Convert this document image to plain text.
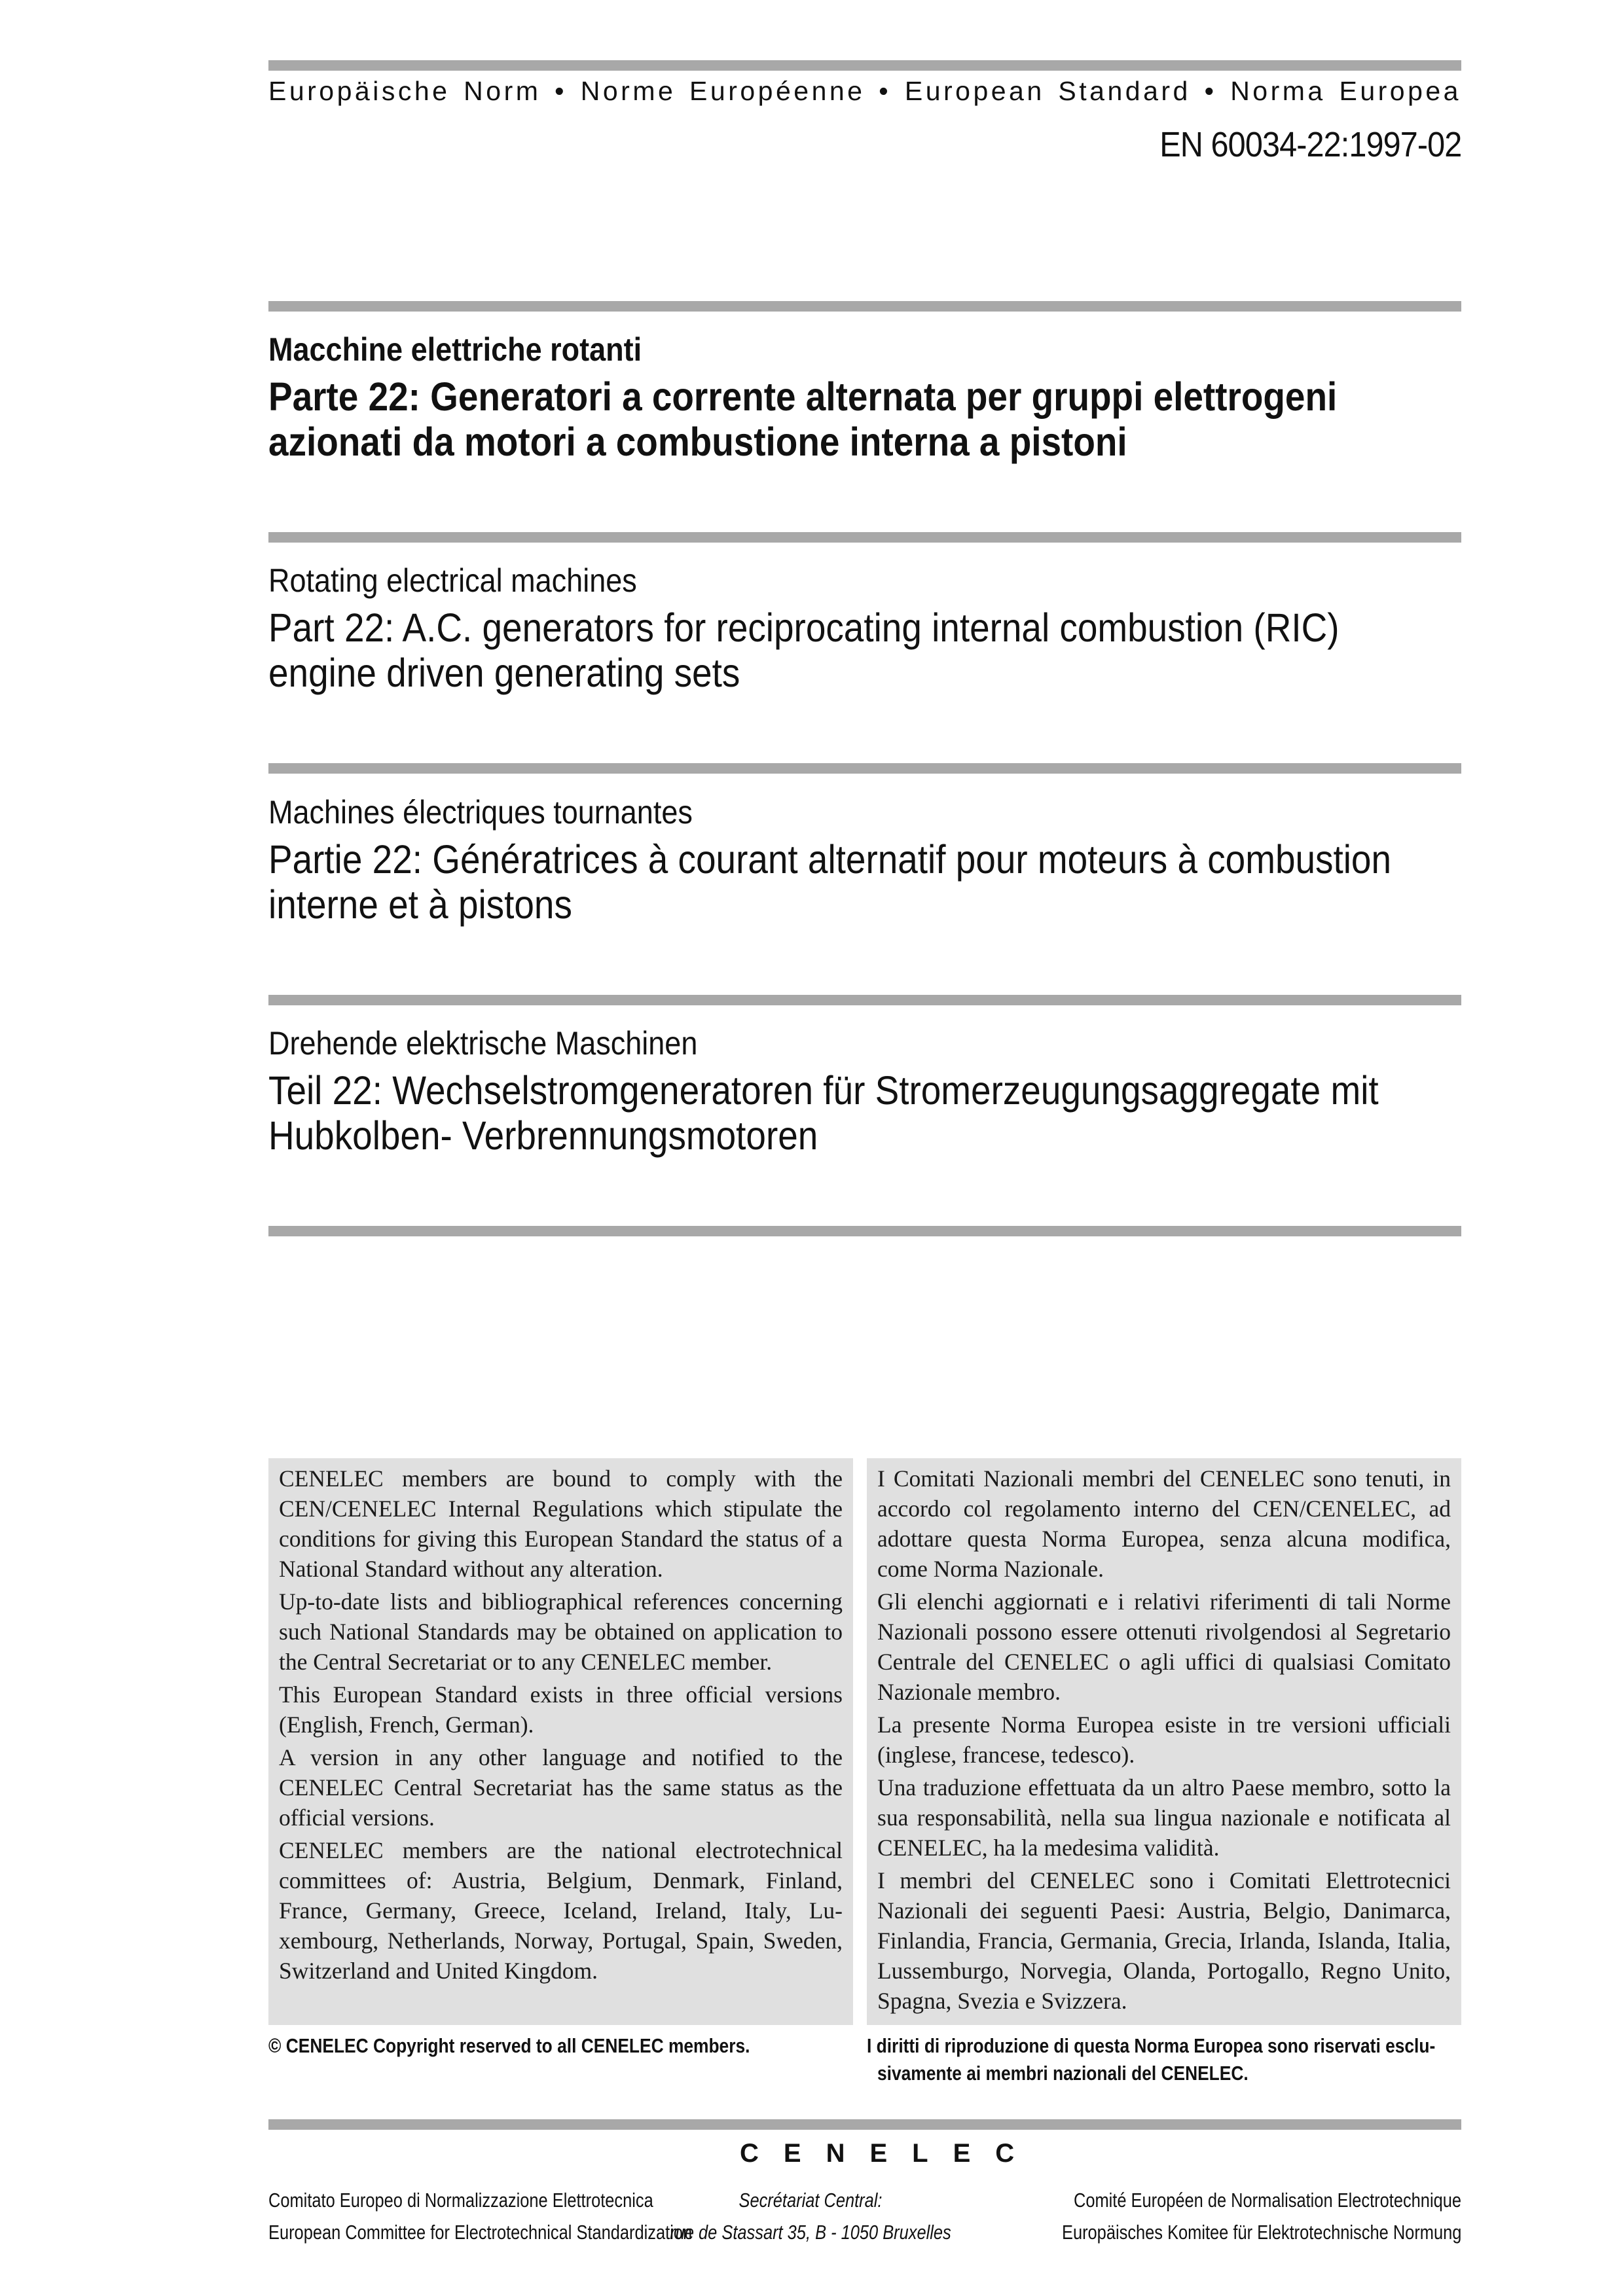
Europäische Norm • Norme Européenne • European Standard • Norma Europea
EN 60034-22:1997-02
Macchine elettriche rotanti
Parte 22: Generatori a corrente alternata per gruppi elettrogeni
azionati da motori a combustione interna a pistoni
Rotating electrical machines
Part 22: A.C. generators for reciprocating internal combustion (RIC)
engine driven generating sets
Machines électriques tournantes
Partie 22: Génératrices à courant alternatif pour moteurs à combustion
interne et à pistons
Drehende elektrische Maschinen
Teil 22: Wechselstromgeneratoren für Stromerzeugungsaggregate mit
Hubkolben- Verbrennungsmotoren

CENELEC members are bound to comply with the CEN/CENELEC Internal Regulations which stipulate the conditions for giving this European Standard the status of a National Standard without any alteration.

Up-to-date lists and bibliographical references concerning such National Standards may be obtained on application to the Central Secretariat or to any CENELEC member.

This European Standard exists in three official versions (English, French, German).

A version in any other language and notified to the CENELEC Central Secretariat has the same status as the official versions.

CENELEC members are the national electrotechnical committees of: Austria, Belgium, Denmark, Finland, France, Germany, Greece, Iceland, Ireland, Italy, Luxembourg, Netherlands, Norway, Portugal, Spain, Sweden, Switzerland and United Kingdom.

I Comitati Nazionali membri del CENELEC sono tenuti, in accordo col regolamento interno del CEN/CENELEC, ad adottare questa Norma Europea, senza alcuna modifica, come Norma Nazionale.

Gli elenchi aggiornati e i relativi riferimenti di tali Norme Nazionali possono essere ottenuti rivolgendosi al Segretario Centrale del CENELEC o agli uffici di qualsiasi Comitato Nazionale membro.

La presente Norma Europea esiste in tre versioni ufficiali (inglese, francese, tedesco).

Una traduzione effettuata da un altro Paese membro, sotto la sua responsabilità, nella sua lingua nazionale e notificata al CENELEC, ha la medesima validità.

I membri del CENELEC sono i Comitati Elettrotecnici Nazionali dei seguenti Paesi: Austria, Belgio, Danimarca, Finlandia, Francia, Germania, Grecia, Irlanda, Islanda, Italia, Lussemburgo, Norvegia, Olanda, Portogallo, Regno Unito, Spagna, Svezia e Svizzera.

© CENELEC Copyright reserved to all CENELEC members.	I diritti di riproduzione di questa Norma Europea sono riservati esclu-
sivamente ai membri nazionali del CENELEC.
CENELEC
Comitato Europeo di Normalizzazione Elettrotecnica
European Committee for Electrotechnical Standardization
Secrétariat Central:
rue de Stassart 35, B - 1050 Bruxelles
Comité Européen de Normalisation Electrotechnique
Europäisches Komitee für Elektrotechnische Normung
